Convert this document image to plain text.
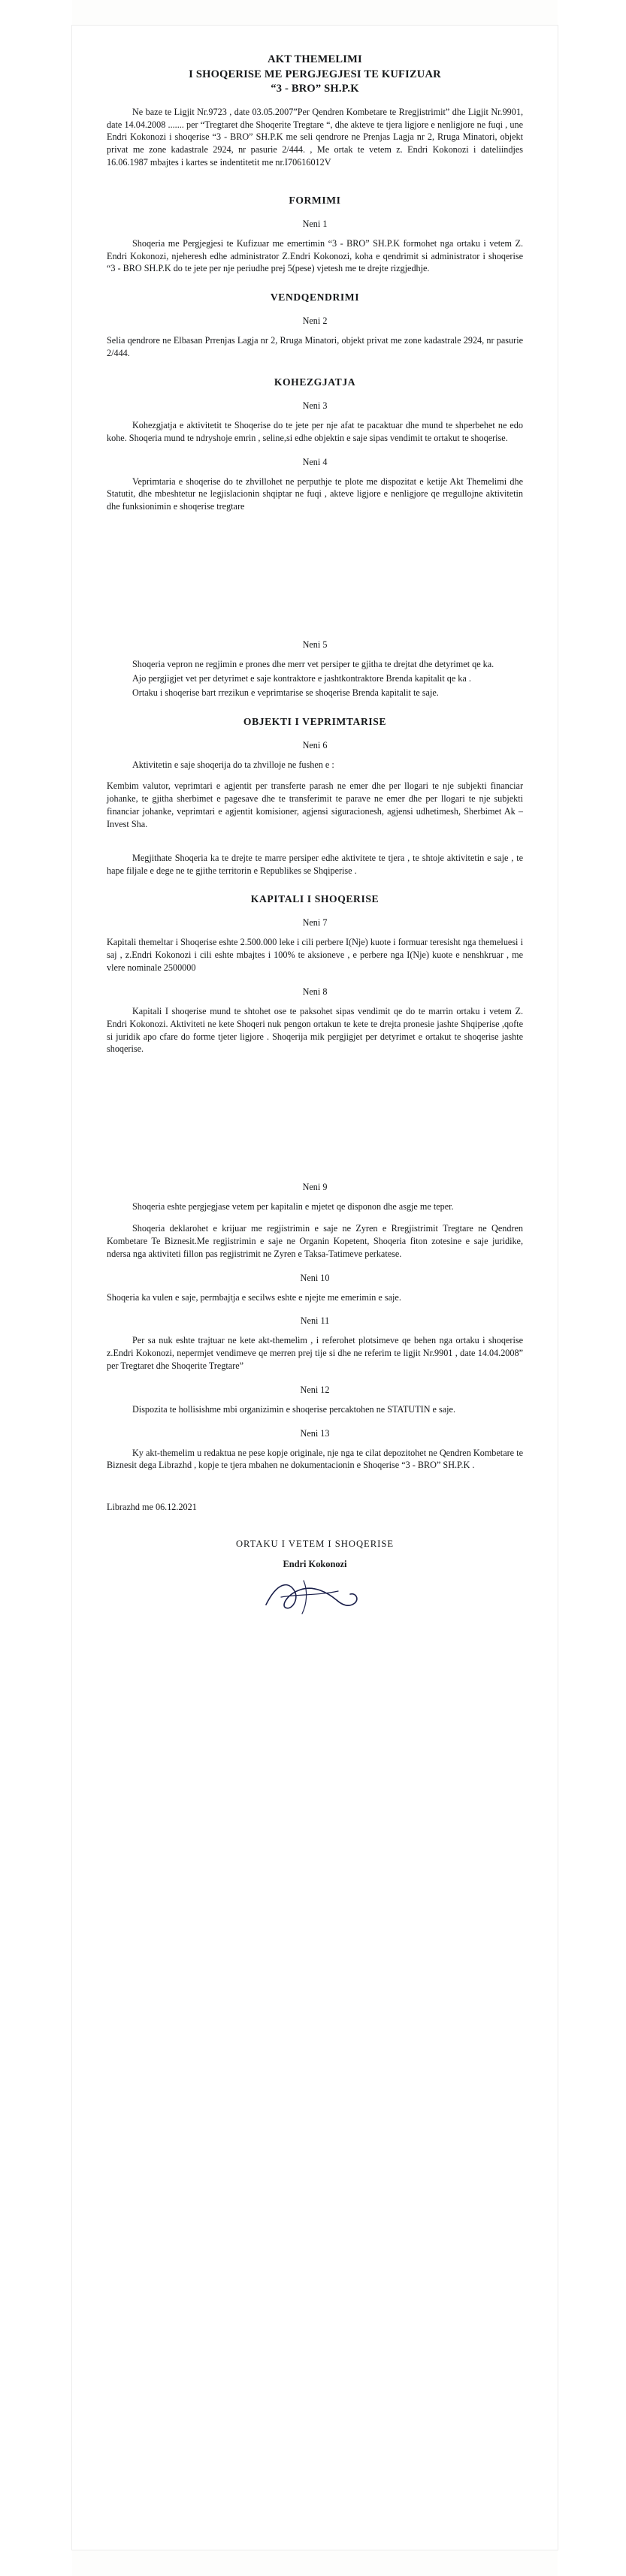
AKT THEMELIMI
I SHOQERISE ME PERGJEGJESI TE KUFIZUAR
“3 - BRO” SH.P.K

Ne baze te Ligjit Nr.9723 , date 03.05.2007”Per Qendren Kombetare te Rregjistrimit” dhe Ligjit Nr.9901, date 14.04.2008 ....... per “Tregtaret dhe Shoqerite Tregtare “, dhe akteve te tjera ligjore e nenligjore ne fuqi , une Endri Kokonozi i shoqerise “3 - BRO” SH.P.K me seli qendrore ne Prenjas Lagja nr 2, Rruga Minatori, objekt privat me zone kadastrale 2924, nr pasurie 2/444. , Me ortak te vetem z. Endri Kokonozi i dateliindjes 16.06.1987 mbajtes i kartes se indentitetit me nr.I70616012V

FORMIMI
Neni 1

Shoqeria me Pergjegjesi te Kufizuar me emertimin “3 - BRO” SH.P.K formohet nga ortaku i vetem Z. Endri Kokonozi, njeheresh edhe administrator Z.Endri Kokonozi, koha e qendrimit si administrator i shoqerise “3 - BRO SH.P.K do te jete per nje periudhe prej 5(pese) vjetesh me te drejte rizgjedhje.

VENDQENDRIMI
Neni 2

Selia qendrore ne Elbasan Prrenjas Lagja nr 2, Rruga Minatori, objekt privat me zone kadastrale 2924, nr pasurie 2/444.

KOHEZGJATJA
Neni 3

Kohezgjatja e aktivitetit te Shoqerise do te jete per nje afat te pacaktuar dhe mund te shperbehet ne edo kohe. Shoqeria mund te ndryshoje emrin , seline,si edhe objektin e saje sipas vendimit te ortakut te shoqerise.

Neni 4

Veprimtaria e shoqerise do te zhvillohet ne perputhje te plote me dispozitat e ketije Akt Themelimi dhe Statutit, dhe mbeshtetur ne legjislacionin shqiptar ne fuqi , akteve ligjore e nenligjore qe rregullojne aktivitetin dhe funksionimin e shoqerise tregtare

Neni 5

Shoqeria vepron ne regjimin e prones dhe merr vet persiper te gjitha te drejtat dhe detyrimet qe ka.

Ajo pergjigjet vet per detyrimet e saje kontraktore e jashtkontraktore Brenda kapitalit qe ka .

Ortaku i shoqerise bart rrezikun e veprimtarise se shoqerise Brenda kapitalit te saje.

OBJEKTI I VEPRIMTARISE
Neni 6

Aktivitetin e saje shoqerija do ta zhvilloje ne fushen e :

Kembim valutor, veprimtari e agjentit per transferte parash ne emer dhe per llogari te nje subjekti financiar johanke, te gjitha sherbimet e pagesave dhe te transferimit te parave ne emer dhe per llogari te nje subjekti financiar johanke, veprimtari e agjentit komisioner, agjensi siguracionesh, agjensi udhetimesh, Sherbimet Ak – Invest Sha.

Megjithate Shoqeria ka te drejte te marre persiper edhe aktivitete te tjera , te shtoje aktivitetin e saje , te hape filjale e dege ne te gjithe territorin e Republikes se Shqiperise .

KAPITALI I SHOQERISE
Neni 7

Kapitali themeltar i Shoqerise eshte 2.500.000 leke i cili perbere I(Nje) kuote i formuar teresisht nga themeluesi i saj , z.Endri Kokonozi i cili eshte mbajtes i 100% te aksioneve , e perbere nga I(Nje) kuote e nenshkruar , me vlere nominale 2500000

Neni 8

Kapitali I shoqerise mund te shtohet ose te paksohet sipas vendimit qe do te marrin ortaku i vetem Z. Endri Kokonozi. Aktiviteti ne kete Shoqeri nuk pengon ortakun te kete te drejta pronesie jashte Shqiperise ,qofte si juridik apo cfare do forme tjeter ligjore . Shoqerija mik pergjigjet per detyrimet e ortakut te shoqerise jashte shoqerise.

Neni 9

Shoqeria eshte pergjegjase vetem per kapitalin e mjetet qe disponon dhe asgje me teper.

Shoqeria deklarohet e krijuar me regjistrimin e saje ne Zyren e Rregjistrimit Tregtare ne Qendren Kombetare Te Biznesit.Me regjistrimin e saje ne Organin Kopetent, Shoqeria fiton zotesine e saje juridike, ndersa nga aktiviteti fillon pas regjistrimit ne Zyren e Taksa-Tatimeve perkatese.

Neni 10

Shoqeria ka vulen e saje, permbajtja e secilws eshte e njejte me emerimin e saje.

Neni 11

Per sa nuk eshte trajtuar ne kete akt-themelim , i referohet plotsimeve qe behen nga ortaku i shoqerise z.Endri Kokonozi, nepermjet vendimeve qe merren prej tije si dhe ne referim te ligjit Nr.9901 , date 14.04.2008” per Tregtaret dhe Shoqerite Tregtare”

Neni 12

Dispozita te hollisishme mbi organizimin e shoqerise percaktohen ne STATUTIN e saje.

Neni 13

Ky akt-themelim u redaktua ne pese kopje originale, nje nga te cilat depozitohet ne Qendren Kombetare te Biznesit dega Librazhd , kopje te tjera mbahen ne dokumentacionin e Shoqerise “3 - BRO” SH.P.K .

Librazhd me 06.12.2021

ORTAKU I VETEM I SHOQERISE
Endri Kokonozi
